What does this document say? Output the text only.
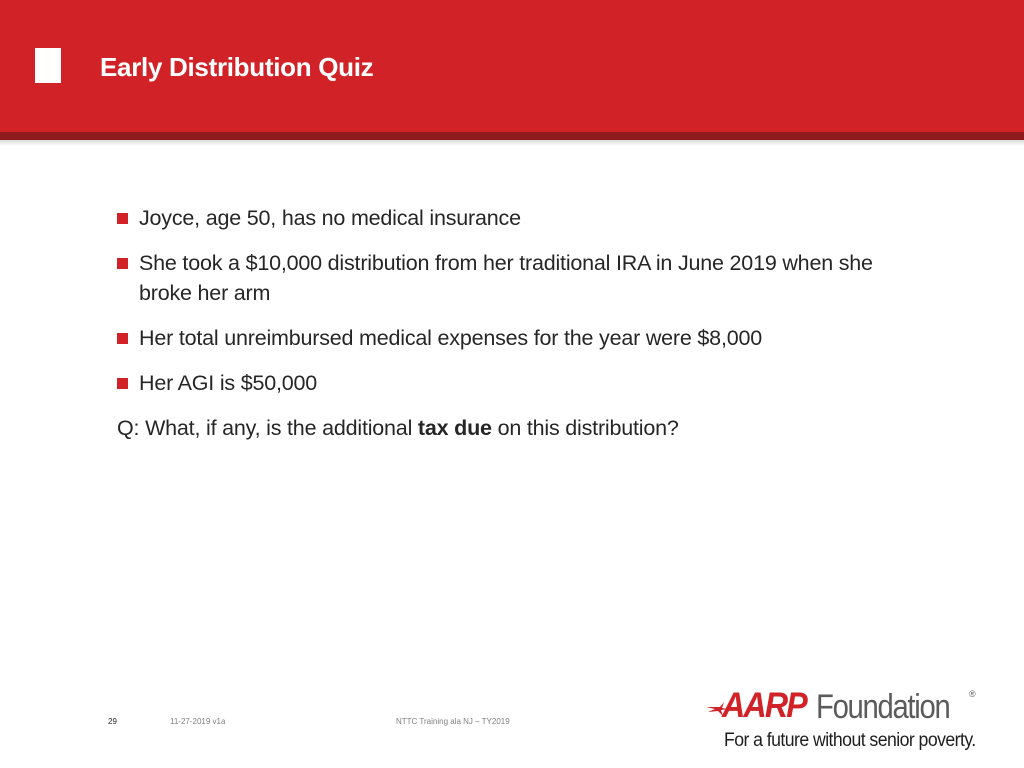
Early Distribution Quiz
Joyce, age 50, has no medical insurance
She took a $10,000 distribution from her traditional IRA in June 2019 when she broke her arm
Her total unreimbursed medical expenses for the year were $8,000
Her AGI is $50,000
Q: What, if any, is the additional tax due on this distribution?
29	11-27-2019 v1a	NTTC Training ala NJ – TY2019	AARP Foundation ®
For a future without senior poverty.
